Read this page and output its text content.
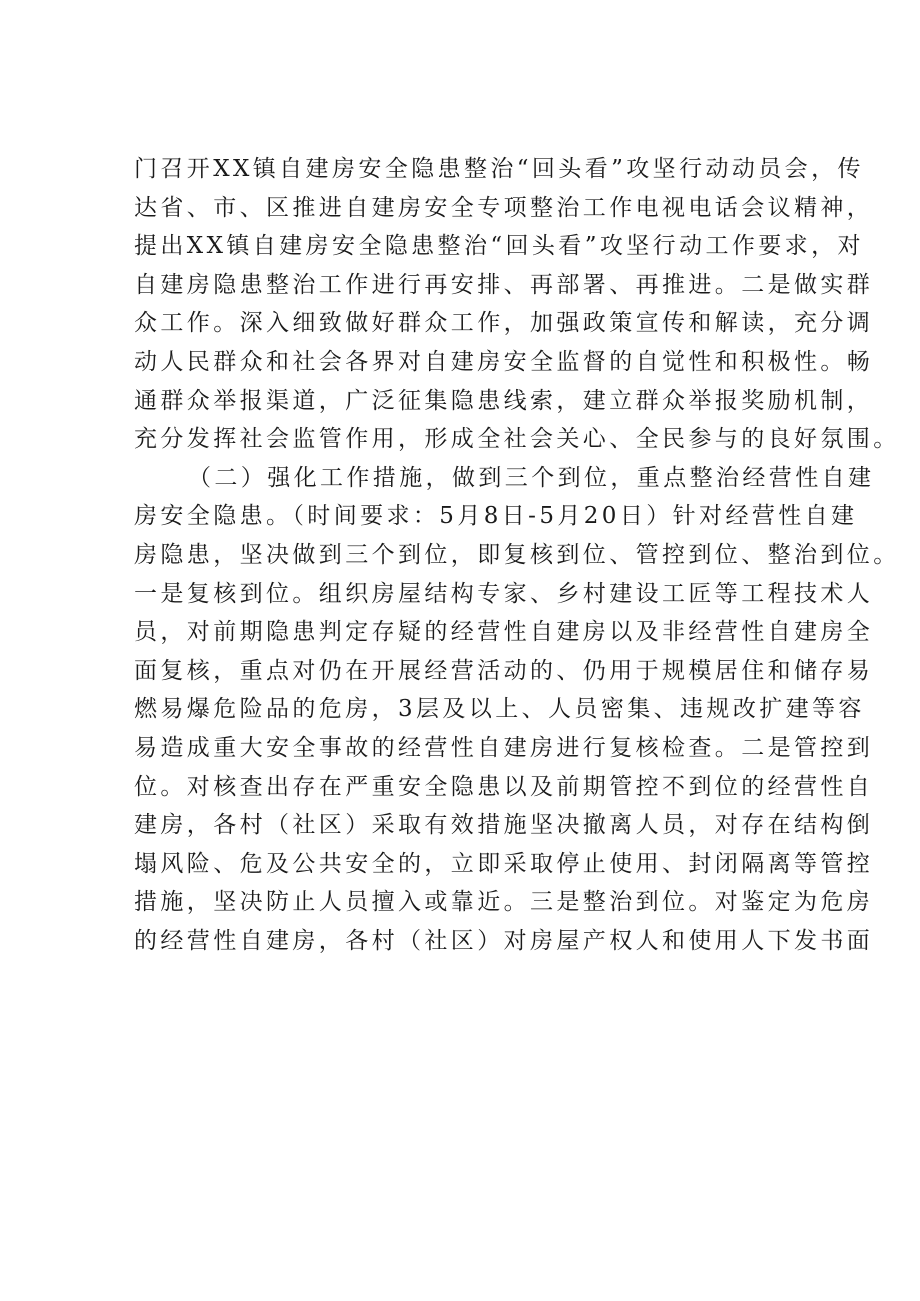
门召开XX镇自建房安全隐患整治“回头看”攻坚行动动员会，传
达省、市、区推进自建房安全专项整治工作电视电话会议精神，
提出XX镇自建房安全隐患整治“回头看”攻坚行动工作要求，对
自建房隐患整治工作进行再安排、再部署、再推进。二是做实群
众工作。深入细致做好群众工作，加强政策宣传和解读，充分调
动人民群众和社会各界对自建房安全监督的自觉性和积极性。畅
通群众举报渠道，广泛征集隐患线索，建立群众举报奖励机制，
充分发挥社会监管作用，形成全社会关心、全民参与的良好氛围。
（二）强化工作措施，做到三个到位，重点整治经营性自建
房安全隐患。（时间要求：5月8日-5月20日）针对经营性自建
房隐患，坚决做到三个到位，即复核到位、管控到位、整治到位。
一是复核到位。组织房屋结构专家、乡村建设工匠等工程技术人
员，对前期隐患判定存疑的经营性自建房以及非经营性自建房全
面复核，重点对仍在开展经营活动的、仍用于规模居住和储存易
燃易爆危险品的危房，3层及以上、人员密集、违规改扩建等容
易造成重大安全事故的经营性自建房进行复核检查。二是管控到
位。对核查出存在严重安全隐患以及前期管控不到位的经营性自
建房，各村（社区）采取有效措施坚决撤离人员，对存在结构倒
塌风险、危及公共安全的，立即采取停止使用、封闭隔离等管控
措施，坚决防止人员擅入或靠近。三是整治到位。对鉴定为危房
的经营性自建房，各村（社区）对房屋产权人和使用人下发书面
